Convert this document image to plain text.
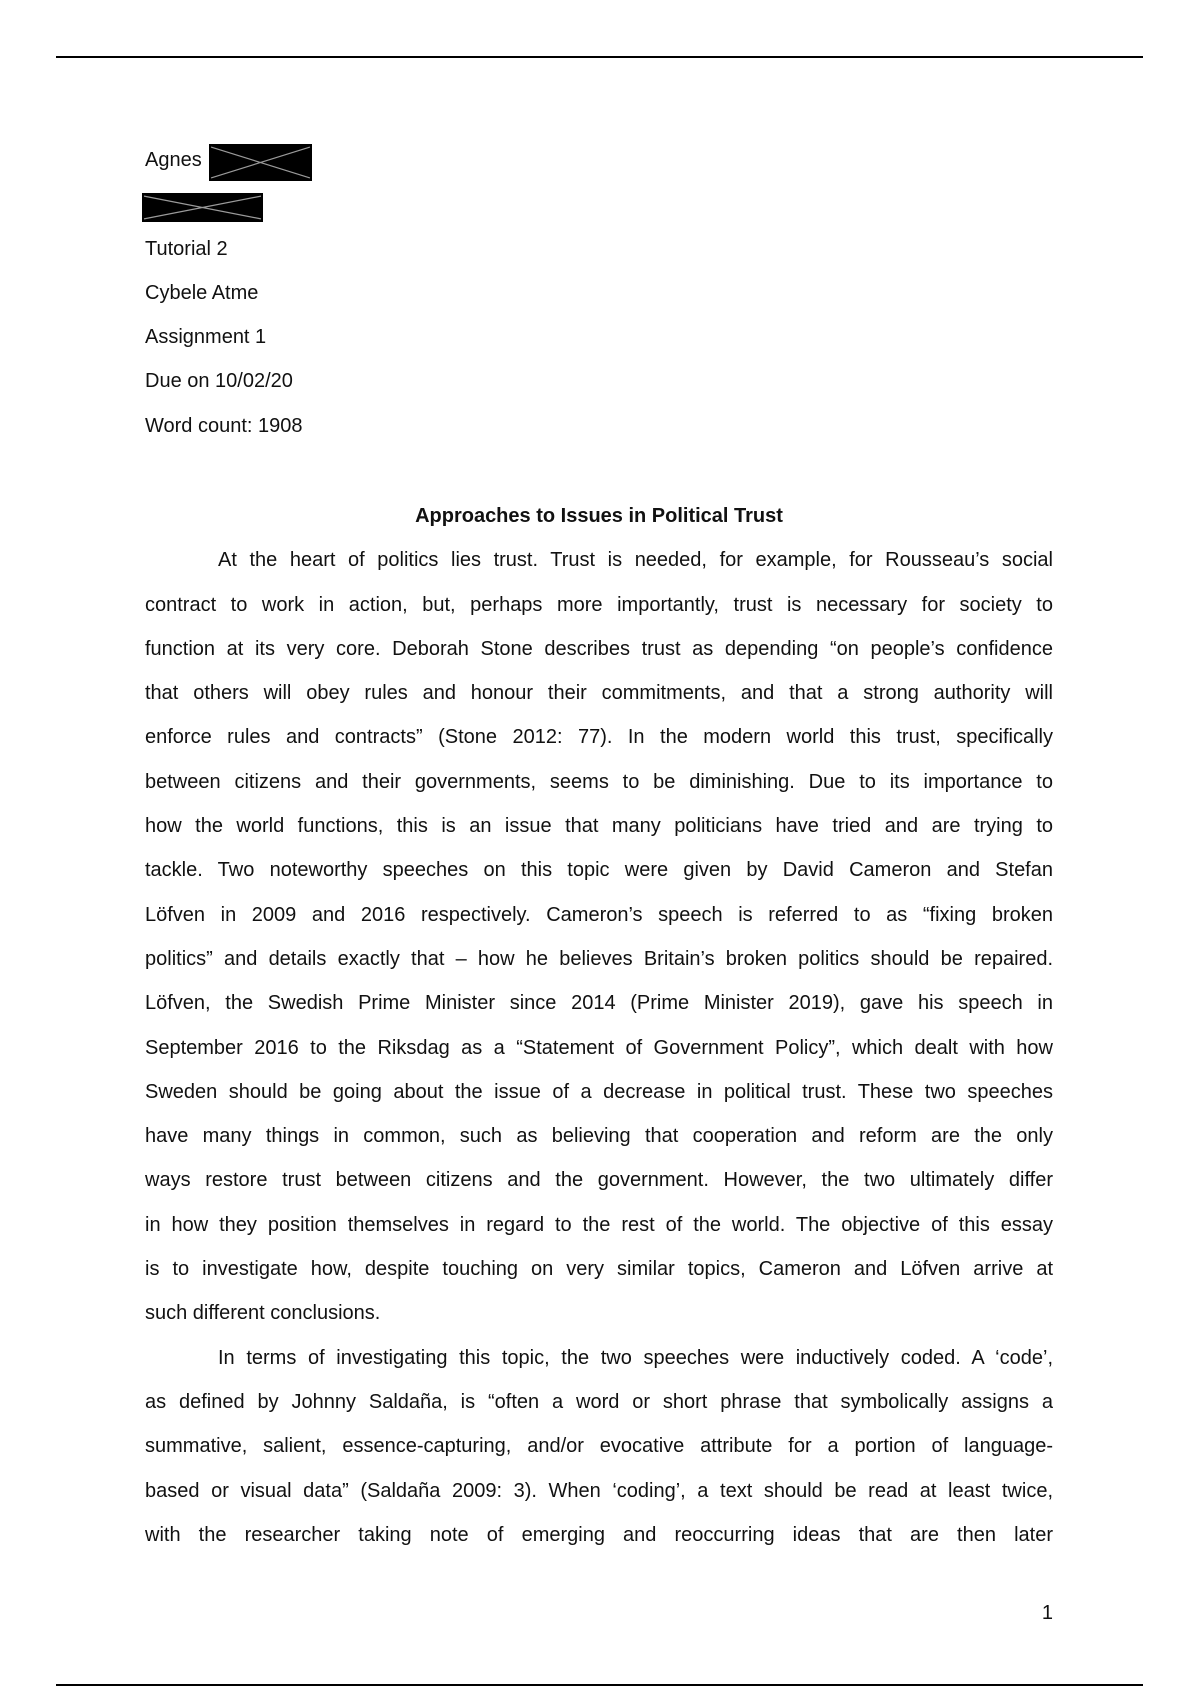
Agnes
Tutorial 2
Cybele Atme
Assignment 1
Due on 10/02/20
Word count: 1908
Approaches to Issues in Political Trust
At the heart of politics lies trust. Trust is needed, for example, for Rousseau’s social
contract to work in action, but, perhaps more importantly, trust is necessary for society to
function at its very core. Deborah Stone describes trust as depending “on people’s confidence
that others will obey rules and honour their commitments, and that a strong authority will
enforce rules and contracts” (Stone 2012: 77). In the modern world this trust, specifically
between citizens and their governments, seems to be diminishing. Due to its importance to
how the world functions, this is an issue that many politicians have tried and are trying to
tackle. Two noteworthy speeches on this topic were given by David Cameron and Stefan
Löfven in 2009 and 2016 respectively. Cameron’s speech is referred to as “fixing broken
politics” and details exactly that – how he believes Britain’s broken politics should be repaired.
Löfven, the Swedish Prime Minister since 2014 (Prime Minister 2019), gave his speech in
September 2016 to the Riksdag as a “Statement of Government Policy”, which dealt with how
Sweden should be going about the issue of a decrease in political trust. These two speeches
have many things in common, such as believing that cooperation and reform are the only
ways restore trust between citizens and the government. However, the two ultimately differ
in how they position themselves in regard to the rest of the world. The objective of this essay
is to investigate how, despite touching on very similar topics, Cameron and Löfven arrive at
such different conclusions.
In terms of investigating this topic, the two speeches were inductively coded. A ‘code’,
as defined by Johnny Saldaña, is “often a word or short phrase that symbolically assigns a
summative, salient, essence-capturing, and/or evocative attribute for a portion of language-
based or visual data” (Saldaña 2009: 3). When ‘coding’, a text should be read at least twice,
with the researcher taking note of emerging and reoccurring ideas that are then later
1
